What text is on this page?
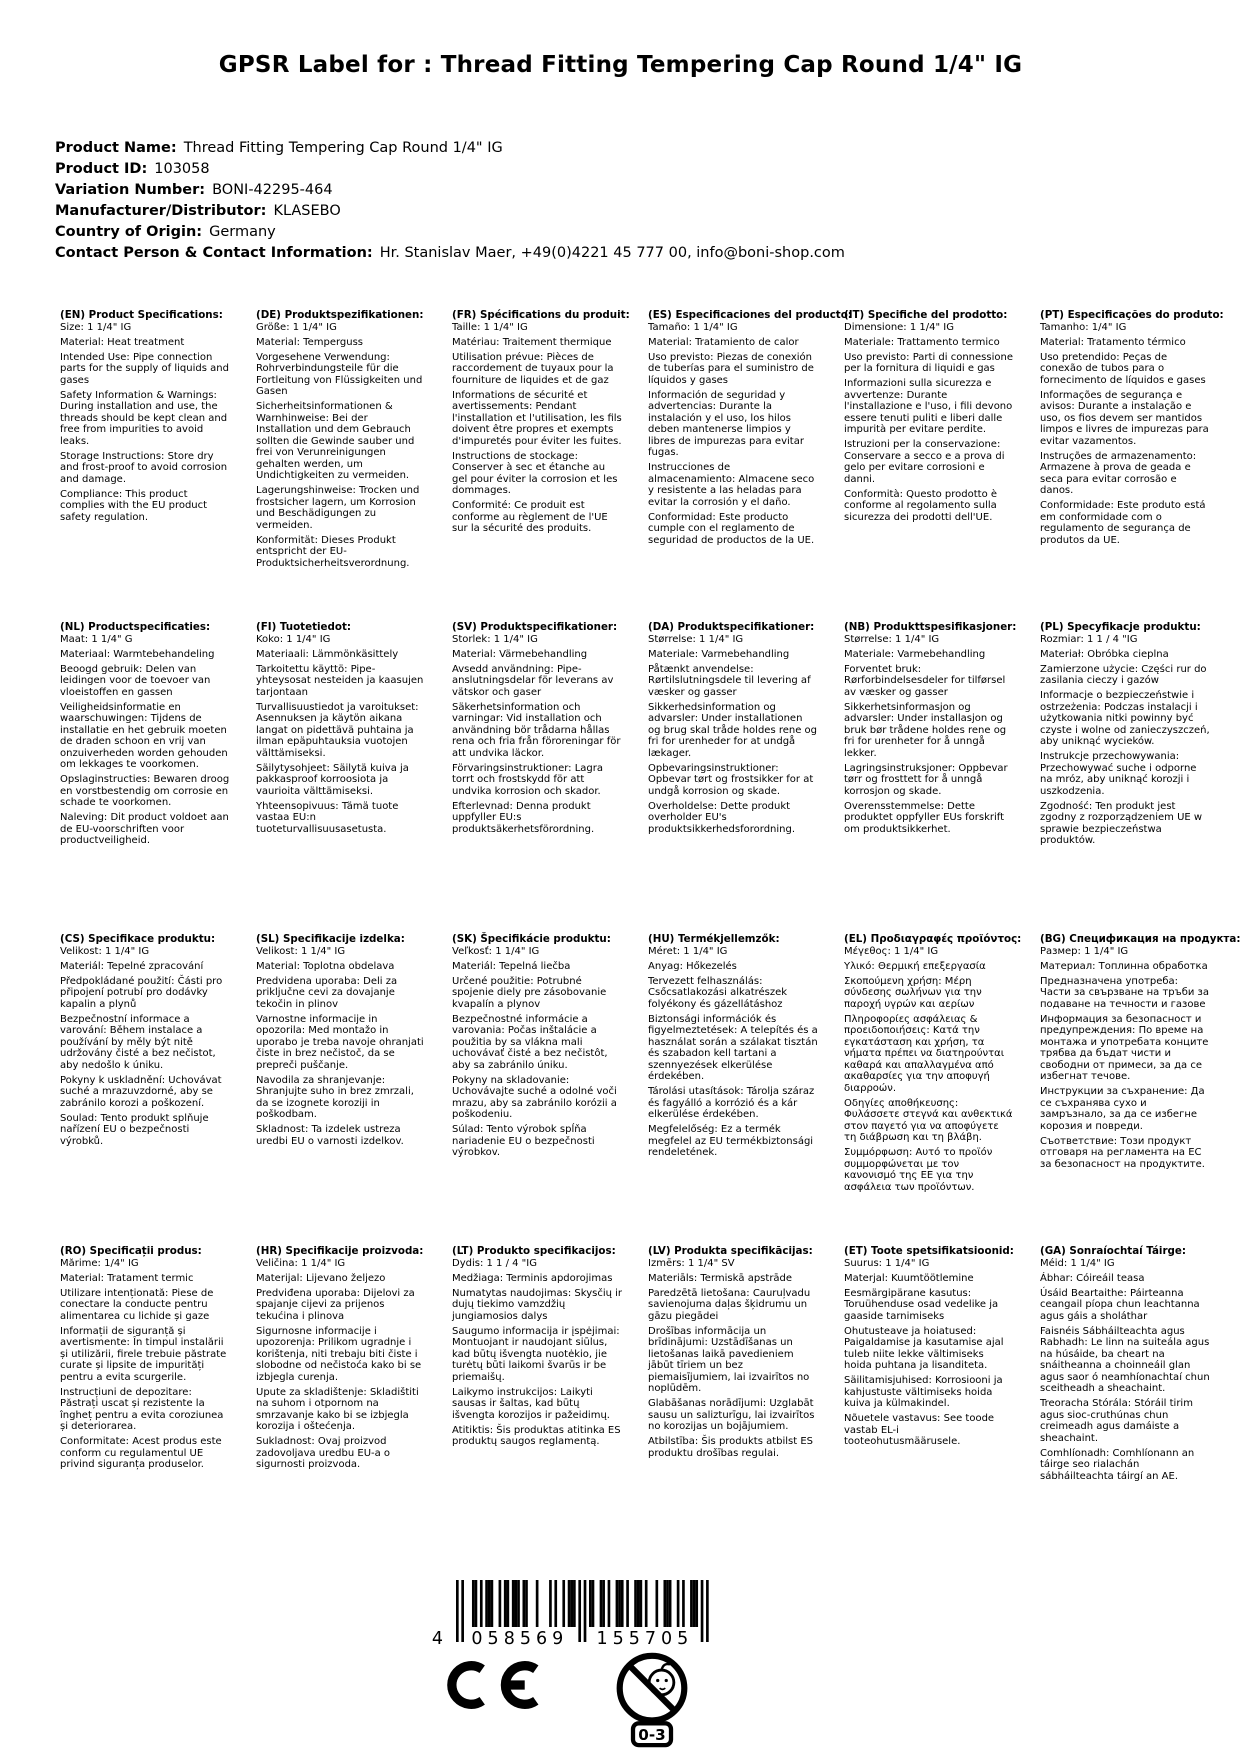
GPSR Label for : Thread Fitting Tempering Cap Round 1/4" IG
Product Name: Thread Fitting Tempering Cap Round 1/4" IG
Product ID: 103058
Variation Number: BONI-42295-464
Manufacturer/Distributor: KLASEBO
Country of Origin: Germany
Contact Person & Contact Information: Hr. Stanislav Maer, +49(0)4221 45 777 00, info@boni-shop.com
(EN) Product Specifications:

Size: 1 1/4" IG

Material: Heat treatment

Intended Use: Pipe connection parts for the supply of liquids and gases

Safety Information & Warnings: During installation and use, the threads should be kept clean and free from impurities to avoid leaks.

Storage Instructions: Store dry and frost-proof to avoid corrosion and damage.

Compliance: This product complies with the EU product safety regulation.

(DE) Produktspezifikationen:

Größe: 1 1/4" IG

Material: Temperguss

Vorgesehene Verwendung: Rohrverbindungsteile für die Fortleitung von Flüssigkeiten und Gasen

Sicherheitsinformationen & Warnhinweise: Bei der Installation und dem Gebrauch sollten die Gewinde sauber und frei von Verunreinigungen gehalten werden, um Undichtigkeiten zu vermeiden.

Lagerungshinweise: Trocken und frostsicher lagern, um Korrosion und Beschädigungen zu vermeiden.

Konformität: Dieses Produkt entspricht der EU-Produktsicherheitsverordnung.

(FR) Spécifications du produit:

Taille: 1 1/4" IG

Matériau: Traitement thermique

Utilisation prévue: Pièces de raccordement de tuyaux pour la fourniture de liquides et de gaz

Informations de sécurité et avertissements: Pendant l'installation et l'utilisation, les fils doivent être propres et exempts d'impuretés pour éviter les fuites.

Instructions de stockage: Conserver à sec et étanche au gel pour éviter la corrosion et les dommages.

Conformité: Ce produit est conforme au règlement de l'UE sur la sécurité des produits.

(ES) Especificaciones del producto:

Tamaño: 1 1/4" IG

Material: Tratamiento de calor

Uso previsto: Piezas de conexión de tuberías para el suministro de líquidos y gases

Información de seguridad y advertencias: Durante la instalación y el uso, los hilos deben mantenerse limpios y libres de impurezas para evitar fugas.

Instrucciones de almacenamiento: Almacene seco y resistente a las heladas para evitar la corrosión y el daño.

Conformidad: Este producto cumple con el reglamento de seguridad de productos de la UE.

(IT) Specifiche del prodotto:

Dimensione: 1 1/4" IG

Materiale: Trattamento termico

Uso previsto: Parti di connessione per la fornitura di liquidi e gas

Informazioni sulla sicurezza e avvertenze: Durante l'installazione e l'uso, i fili devono essere tenuti puliti e liberi dalle impurità per evitare perdite.

Istruzioni per la conservazione: Conservare a secco e a prova di gelo per evitare corrosioni e danni.

Conformità: Questo prodotto è conforme al regolamento sulla sicurezza dei prodotti dell'UE.

(PT) Especificações do produto:

Tamanho: 1/4" IG

Material: Tratamento térmico

Uso pretendido: Peças de conexão de tubos para o fornecimento de líquidos e gases

Informações de segurança e avisos: Durante a instalação e uso, os fios devem ser mantidos limpos e livres de impurezas para evitar vazamentos.

Instruções de armazenamento: Armazene à prova de geada e seca para evitar corrosão e danos.

Conformidade: Este produto está em conformidade com o regulamento de segurança de produtos da UE.

(NL) Productspecificaties:

Maat: 1 1/4" G

Materiaal: Warmtebehandeling

Beoogd gebruik: Delen van leidingen voor de toevoer van vloeistoffen en gassen

Veiligheidsinformatie en waarschuwingen: Tijdens de installatie en het gebruik moeten de draden schoon en vrij van onzuiverheden worden gehouden om lekkages te voorkomen.

Opslaginstructies: Bewaren droog en vorstbestendig om corrosie en schade te voorkomen.

Naleving: Dit product voldoet aan de EU-voorschriften voor productveiligheid.

(FI) Tuotetiedot:

Koko: 1 1/4" IG

Materiaali: Lämmönkäsittely

Tarkoitettu käyttö: Pipe-yhteysosat nesteiden ja kaasujen tarjontaan

Turvallisuustiedot ja varoitukset: Asennuksen ja käytön aikana langat on pidettävä puhtaina ja ilman epäpuhtauksia vuotojen välttämiseksi.

Säilytysohjeet: Säilytä kuiva ja pakkasproof korroosiota ja vaurioita välttämiseksi.

Yhteensopivuus: Tämä tuote vastaa EU:n tuoteturvallisuusasetusta.

(SV) Produktspecifikationer:

Storlek: 1 1/4" IG

Material: Värmebehandling

Avsedd användning: Pipe-anslutningsdelar för leverans av vätskor och gaser

Säkerhetsinformation och varningar: Vid installation och användning bör trådarna hållas rena och fria från föroreningar för att undvika läckor.

Förvaringsinstruktioner: Lagra torrt och frostskydd för att undvika korrosion och skador.

Efterlevnad: Denna produkt uppfyller EU:s produktsäkerhetsförordning.

(DA) Produktspecifikationer:

Størrelse: 1 1/4" IG

Materiale: Varmebehandling

Påtænkt anvendelse: Rørtilslutningsdele til levering af væsker og gasser

Sikkerhedsinformation og advarsler: Under installationen og brug skal tråde holdes rene og fri for urenheder for at undgå lækager.

Opbevaringsinstruktioner: Opbevar tørt og frostsikker for at undgå korrosion og skade.

Overholdelse: Dette produkt overholder EU's produktsikkerhedsforordning.

(NB) Produkttspesifikasjoner:

Størrelse: 1 1/4" IG

Materiale: Varmebehandling

Forventet bruk: Rørforbindelsesdeler for tilførsel av væsker og gasser

Sikkerhetsinformasjon og advarsler: Under installasjon og bruk bør trådene holdes rene og fri for urenheter for å unngå lekker.

Lagringsinstruksjoner: Oppbevar tørr og frosttett for å unngå korrosjon og skade.

Overensstemmelse: Dette produktet oppfyller EUs forskrift om produktsikkerhet.

(PL) Specyfikacje produktu:

Rozmiar: 1 1 / 4 "IG

Materiał: Obróbka cieplna

Zamierzone użycie: Części rur do zasilania cieczy i gazów

Informacje o bezpieczeństwie i ostrzeżenia: Podczas instalacji i użytkowania nitki powinny być czyste i wolne od zanieczyszczeń, aby uniknąć wycieków.

Instrukcje przechowywania: Przechowywać suche i odporne na mróz, aby uniknąć korozji i uszkodzenia.

Zgodność: Ten produkt jest zgodny z rozporządzeniem UE w sprawie bezpieczeństwa produktów.

(CS) Specifikace produktu:

Velikost: 1 1/4" IG

Materiál: Tepelné zpracování

Předpokládané použití: Části pro připojení potrubí pro dodávky kapalin a plynů

Bezpečnostní informace a varování: Během instalace a používání by měly být nitě udržovány čisté a bez nečistot, aby nedošlo k úniku.

Pokyny k uskladnění: Uchovávat suché a mrazuvzdorné, aby se zabránilo korozi a poškození.

Soulad: Tento produkt splňuje nařízení EU o bezpečnosti výrobků.

(SL) Specifikacije izdelka:

Velikost: 1 1/4" IG

Material: Toplotna obdelava

Predvidena uporaba: Deli za priključne cevi za dovajanje tekočin in plinov

Varnostne informacije in opozorila: Med montažo in uporabo je treba navoje ohranjati čiste in brez nečistoč, da se prepreči puščanje.

Navodila za shranjevanje: Shranjujte suho in brez zmrzali, da se izognete koroziji in poškodbam.

Skladnost: Ta izdelek ustreza uredbi EU o varnosti izdelkov.

(SK) Špecifikácie produktu:

Veľkosť: 1 1/4" IG

Materiál: Tepelná liečba

Určené použitie: Potrubné spojenie diely pre zásobovanie kvapalín a plynov

Bezpečnostné informácie a varovania: Počas inštalácie a použitia by sa vlákna mali uchovávať čisté a bez nečistôt, aby sa zabránilo úniku.

Pokyny na skladovanie: Uchovávajte suché a odolné voči mrazu, aby sa zabránilo korózii a poškodeniu.

Súlad: Tento výrobok spĺňa nariadenie EU o bezpečnosti výrobkov.

(HU) Termékjellemzők:

Méret: 1 1/4" IG

Anyag: Hőkezelés

Tervezett felhasználás: Csőcsatlakozási alkatrészek folyékony és gázellátáshoz

Biztonsági információk és figyelmeztetések: A telepítés és a használat során a szálakat tisztán és szabadon kell tartani a szennyezések elkerülése érdekében.

Tárolási utasítások: Tárolja száraz és fagyálló a korrózió és a kár elkerülése érdekében.

Megfelelőség: Ez a termék megfelel az EU termékbiztonsági rendeletének.

(EL) Προδιαγραφές προϊόντος:

Μέγεθος: 1 1/4" IG

Υλικό: Θερμική επεξεργασία

Σκοπούμενη χρήση: Μέρη σύνδεσης σωλήνων για την παροχή υγρών και αερίων

Πληροφορίες ασφάλειας & προειδοποιήσεις: Κατά την εγκατάσταση και χρήση, τα νήματα πρέπει να διατηρούνται καθαρά και απαλλαγμένα από ακαθαρσίες για την αποφυγή διαρροών.

Οδηγίες αποθήκευσης: Φυλάσσετε στεγνά και ανθεκτικά στον παγετό για να αποφύγετε τη διάβρωση και τη βλάβη.

Συμμόρφωση: Αυτό το προϊόν συμμορφώνεται με τον κανονισμό της ΕΕ για την ασφάλεια των προϊόντων.

(BG) Спецификация на продукта:

Размер: 1 1/4" IG

Материал: Топлинна обработка

Предназначена употреба: Части за свързване на тръби за подаване на течности и газове

Информация за безопасност и предупреждения: По време на монтажа и употребата конците трябва да бъдат чисти и свободни от примеси, за да се избегнат течове.

Инструкции за съхранение: Да се съхранява сухо и замръзнало, за да се избегне корозия и повреди.

Съответствие: Този продукт отговаря на регламента на ЕС за безопасност на продуктите.

(RO) Specificații produs:

Mărime: 1/4" IG

Material: Tratament termic

Utilizare intenționată: Piese de conectare la conducte pentru alimentarea cu lichide și gaze

Informații de siguranță și avertismente: În timpul instalării și utilizării, firele trebuie păstrate curate și lipsite de impurități pentru a evita scurgerile.

Instrucțiuni de depozitare: Păstrați uscat și rezistente la îngheț pentru a evita coroziunea și deteriorarea.

Conformitate: Acest produs este conform cu regulamentul UE privind siguranța produselor.

(HR) Specifikacije proizvoda:

Veličina: 1 1/4" IG

Materijal: Lijevano željezo

Predviđena uporaba: Dijelovi za spajanje cijevi za prijenos tekućina i plinova

Sigurnosne informacije i upozorenja: Prilikom ugradnje i korištenja, niti trebaju biti čiste i slobodne od nečistoća kako bi se izbjegla curenja.

Upute za skladištenje: Skladištiti na suhom i otpornom na smrzavanje kako bi se izbjegla korozija i oštećenja.

Sukladnost: Ovaj proizvod zadovoljava uredbu EU-a o sigurnosti proizvoda.

(LT) Produkto specifikacijos:

Dydis: 1 1 / 4 "IG

Medžiaga: Terminis apdorojimas

Numatytas naudojimas: Skysčių ir dujų tiekimo vamzdžių jungiamosios dalys

Saugumo informacija ir įspėjimai: Montuojant ir naudojant siūlus, kad būtų išvengta nuotėkio, jie turėtų būti laikomi švarūs ir be priemaišų.

Laikymo instrukcijos: Laikyti sausas ir šaltas, kad būtų išvengta korozijos ir pažeidimų.

Atitiktis: Šis produktas atitinka ES produktų saugos reglamentą.

(LV) Produkta specifikācijas:

Izmērs: 1 1/4" SV

Materiāls: Termiskā apstrāde

Paredzētā lietošana: Cauruļvadu savienojuma daļas šķidrumu un gāzu piegādei

Drošības informācija un brīdinājumi: Uzstādīšanas un lietošanas laikā pavedieniem jābūt tīriem un bez piemaisījumiem, lai izvairītos no noplūdēm.

Glabāšanas norādījumi: Uzglabāt sausu un salizturīgu, lai izvairītos no korozijas un bojājumiem.

Atbilstība: Šis produkts atbilst ES produktu drošības regulai.

(ET) Toote spetsifikatsioonid:

Suurus: 1 1/4" IG

Materjal: Kuumtöötlemine

Eesmärgipärane kasutus: Toruühenduse osad vedelike ja gaaside tarnimiseks

Ohutusteave ja hoiatused: Paigaldamise ja kasutamise ajal tuleb niite lekke vältimiseks hoida puhtana ja lisanditeta.

Säilitamisjuhised: Korrosiooni ja kahjustuste vältimiseks hoida kuiva ja külmakindel.

Nõuetele vastavus: See toode vastab EL-i tooteohutusmäärusele.

(GA) Sonraíochtaí Táirge:

Méid: 1 1/4" IG

Ábhar: Cóireáil teasa

Úsáid Beartaithe: Páirteanna ceangail píopa chun leachtanna agus gáis a sholáthar

Faisnéis Sábháilteachta agus Rabhadh: Le linn na suiteála agus na húsáide, ba cheart na snáitheanna a choinneáil glan agus saor ó neamhíonachtaí chun sceitheadh a sheachaint.

Treoracha Stórála: Stóráil tirim agus sioc-cruthúnas chun creimeadh agus damáiste a sheachaint.

Comhlíonadh: Comhlíonann an táirge seo rialachán sábháilteachta táirgí an AE.

4 058569 155705
0-3
